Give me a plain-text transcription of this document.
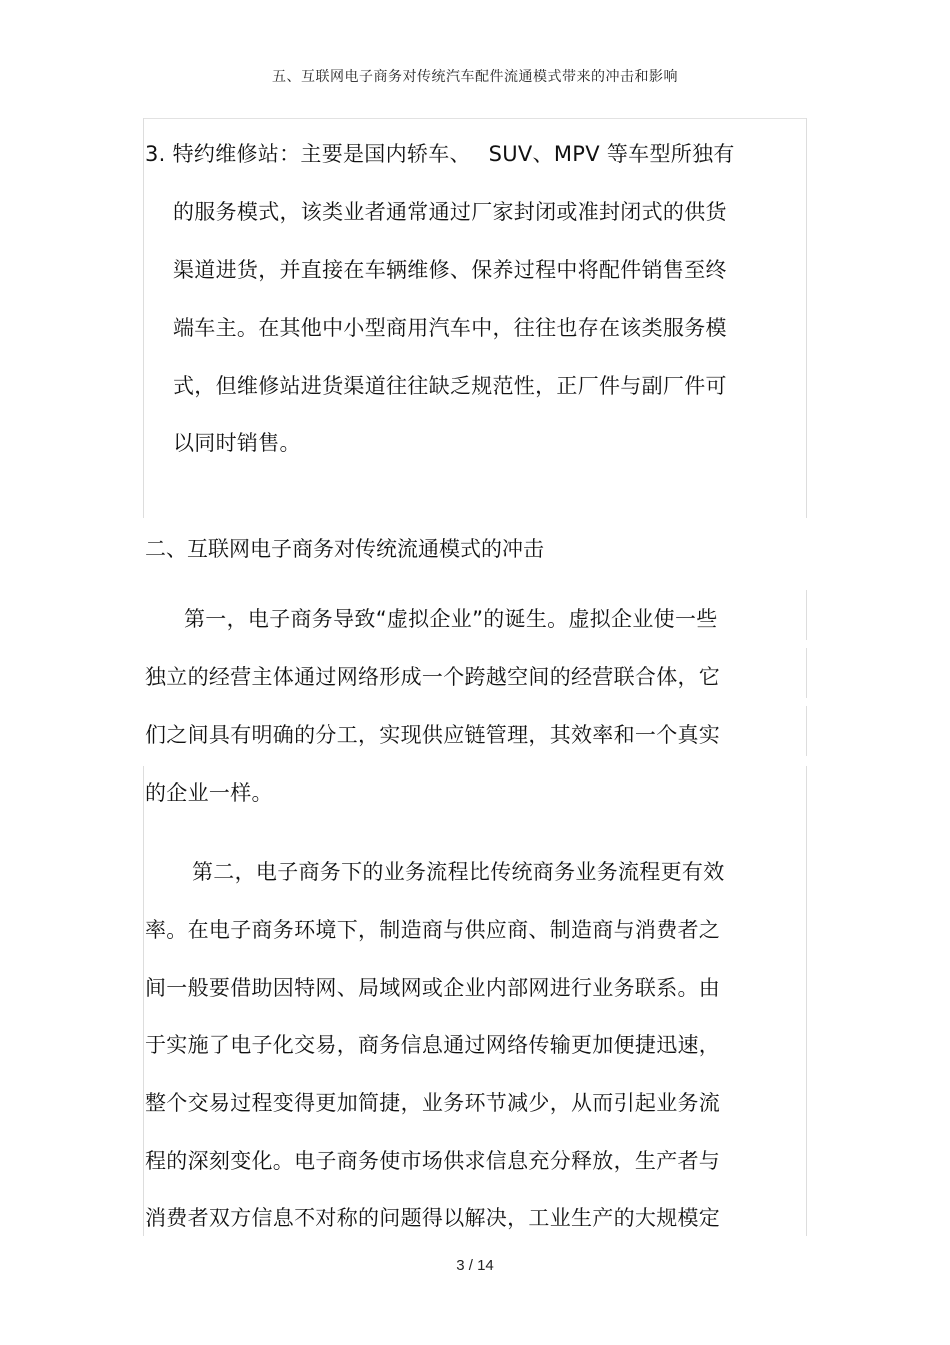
五、互联网电子商务对传统汽车配件流通模式带来的冲击和影响
3. 特约维修站：主要是国内轿车、　 SUV、MPV 等车型所独有
的服务模式，该类业者通常通过厂家封闭或准封闭式的供货
渠道进货，并直接在车辆维修、保养过程中将配件销售至终
端车主。在其他中小型商用汽车中，往往也存在该类服务模
式，但维修站进货渠道往往缺乏规范性，正厂件与副厂件可
以同时销售。
二、互联网电子商务对传统流通模式的冲击
第一，电子商务导致“虚拟企业”的诞生。虚拟企业使一些
独立的经营主体通过网络形成一个跨越空间的经营联合体，它
们之间具有明确的分工，实现供应链管理，其效率和一个真实
的企业一样。
第二，电子商务下的业务流程比传统商务业务流程更有效
率。在电子商务环境下，制造商与供应商、制造商与消费者之
间一般要借助因特网、局域网或企业内部网进行业务联系。由
于实施了电子化交易，商务信息通过网络传输更加便捷迅速，
整个交易过程变得更加简捷，业务环节减少，从而引起业务流
程的深刻变化。电子商务使市场供求信息充分释放，生产者与
消费者双方信息不对称的问题得以解决，工业生产的大规模定
3 / 14
